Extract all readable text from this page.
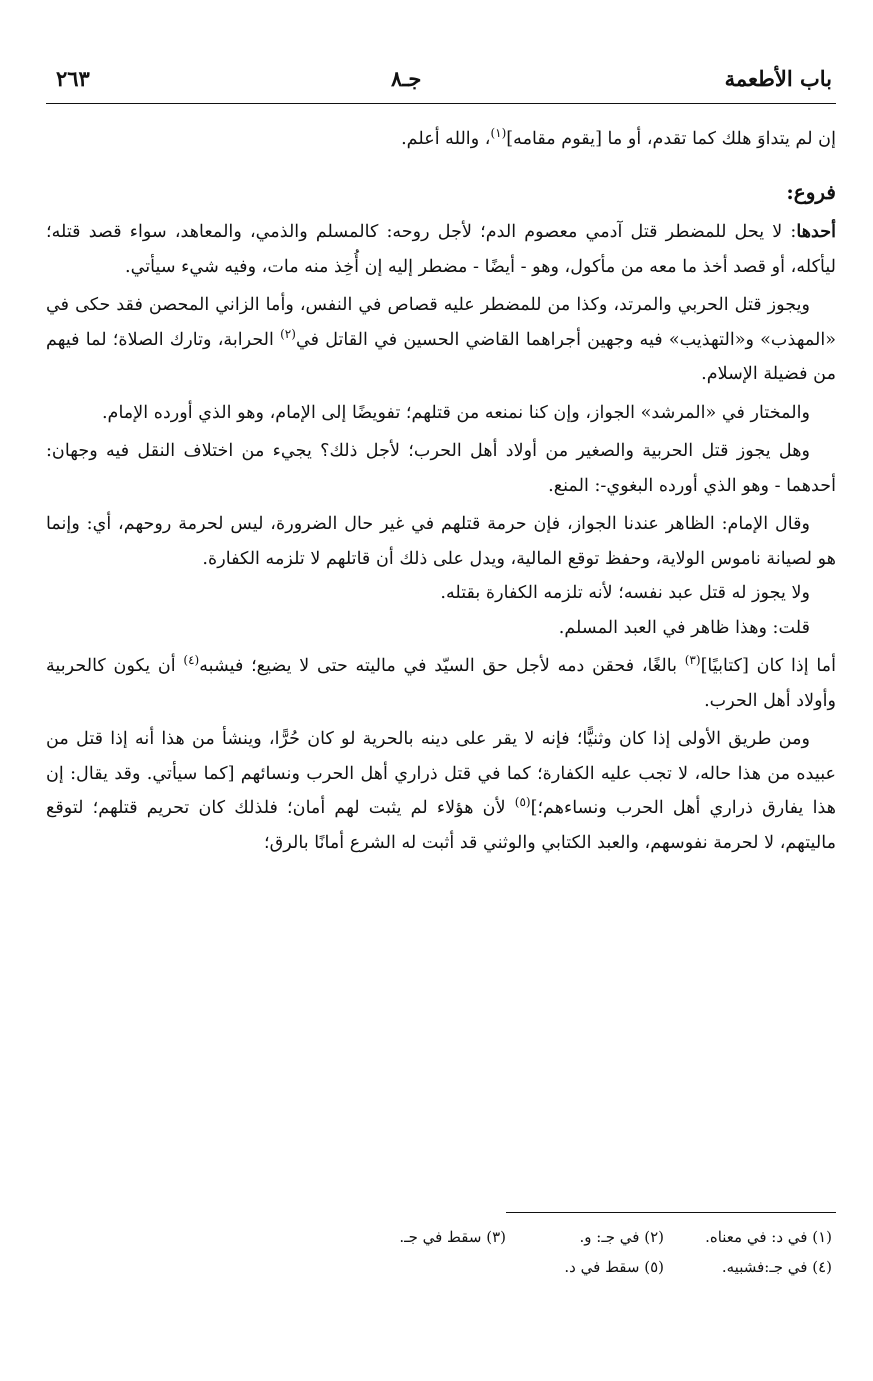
باب الأطعمة
جـ٨
٢٦٣

إن لم يتداوَ هلك كما تقدم، أو ما [يقوم مقامه]$^{(١)}$، والله أعلم.

فروع:

أحدها: لا يحل للمضطر قتل آدمي معصوم الدم؛ لأجل روحه: كالمسلم والذمي، والمعاهد، سواء قصد قتله؛ ليأكله، أو قصد أخذ ما معه من مأكول، وهو - أيضًا - مضطر إليه إن أُخِذ منه مات، وفيه شيء سيأتي.

ويجوز قتل الحربي والمرتد، وكذا من للمضطر عليه قصاص في النفس، وأما الزاني المحصن فقد حكى في «المهذب» و«التهذيب» فيه وجهين أجراهما القاضي الحسين في القاتل في$^{(٢)}$ الحرابة، وتارك الصلاة؛ لما فيهم من فضيلة الإسلام.

والمختار في «المرشد» الجواز، وإن كنا نمنعه من قتلهم؛ تفويضًا إلى الإمام، وهو الذي أورده الإمام.

وهل يجوز قتل الحربية والصغير من أولاد أهل الحرب؛ لأجل ذلك؟ يجيء من اختلاف النقل فيه وجهان: أحدهما - وهو الذي أورده البغوي-: المنع.

وقال الإمام: الظاهر عندنا الجواز، فإن حرمة قتلهم في غير حال الضرورة، ليس لحرمة روحهم، أي: وإنما هو لصيانة ناموس الولاية، وحفظ توقع المالية، ويدل على ذلك أن قاتلهم لا تلزمه الكفارة.

ولا يجوز له قتل عبد نفسه؛ لأنه تلزمه الكفارة بقتله.

قلت: وهذا ظاهر في العبد المسلم.

أما إذا كان [كتابيًا]$^{(٣)}$ بالغًا، فحقن دمه لأجل حق السيّد في ماليته حتى لا يضيع؛ فيشبه$^{(٤)}$ أن يكون كالحربية وأولاد أهل الحرب.

ومن طريق الأولى إذا كان وثنيًّا؛ فإنه لا يقر على دينه بالحرية لو كان حُرًّا، وينشأ من هذا أنه إذا قتل من عبيده من هذا حاله، لا تجب عليه الكفارة؛ كما في قتل ذراري أهل الحرب ونسائهم [كما سيأتي. وقد يقال: إن هذا يفارق ذراري أهل الحرب ونساءهم؛]$^{(٥)}$ لأن هؤلاء لم يثبت لهم أمان؛ فلذلك كان تحريم قتلهم؛ لتوقع ماليتهم، لا لحرمة نفوسهم، والعبد الكتابي والوثني قد أثبت له الشرع أمانًا بالرق؛

(١) في د: في معناه.
(٢) في جـ: و.
(٣) سقط في جـ.
(٤) في جـ:فشبيه.
(٥) سقط في د.
